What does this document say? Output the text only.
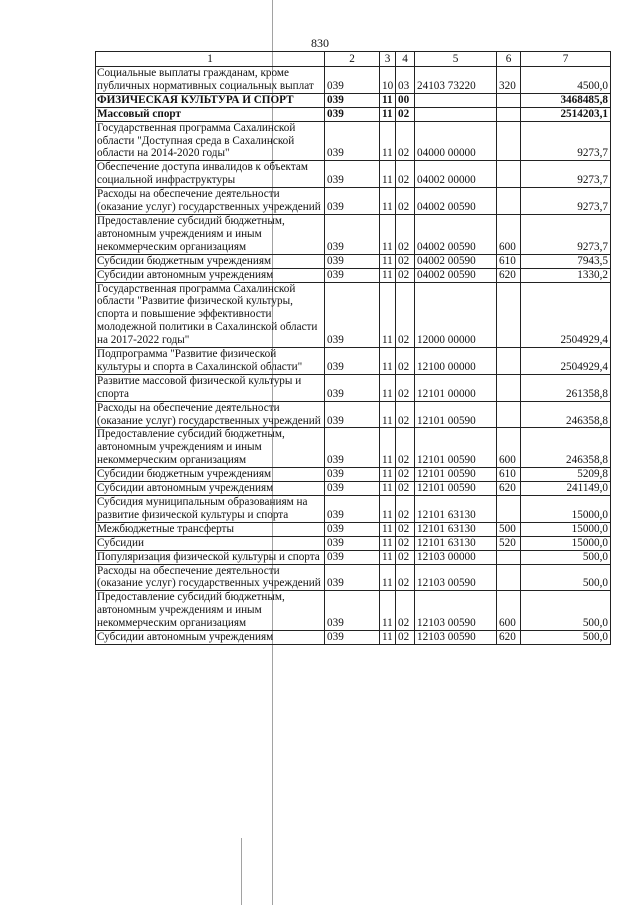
830
1	2	3	4	5	6	7
Социальные выплаты гражданам, кроме публичных нормативных социальных выплат	039	10	03	24103 73220	320	4500,0
ФИЗИЧЕСКАЯ КУЛЬТУРА И СПОРТ	039	11	00			3468485,8
Массовый спорт	039	11	02			2514203,1
Государственная программа Сахалинской области "Доступная среда в Сахалинской области на 2014-2020 годы"	039	11	02	04000 00000		9273,7
Обеспечение доступа инвалидов к объектам социальной инфраструктуры	039	11	02	04002 00000		9273,7
Расходы на обеспечение деятельности (оказание услуг) государственных учреждений	039	11	02	04002 00590		9273,7
Предоставление субсидий бюджетным, автономным учреждениям и иным некоммерческим организациям	039	11	02	04002 00590	600	9273,7
Субсидии бюджетным учреждениям	039	11	02	04002 00590	610	7943,5
Субсидии автономным учреждениям	039	11	02	04002 00590	620	1330,2
Государственная программа Сахалинской области "Развитие физической культуры, спорта и повышение эффективности молодежной политики в Сахалинской области на 2017-2022 годы"	039	11	02	12000 00000		2504929,4
Подпрограмма "Развитие физической культуры и спорта в Сахалинской области"	039	11	02	12100 00000		2504929,4
Развитие массовой физической культуры и спорта	039	11	02	12101 00000		261358,8
Расходы на обеспечение деятельности (оказание услуг) государственных учреждений	039	11	02	12101 00590		246358,8
Предоставление субсидий бюджетным, автономным учреждениям и иным некоммерческим организациям	039	11	02	12101 00590	600	246358,8
Субсидии бюджетным учреждениям	039	11	02	12101 00590	610	5209,8
Субсидии автономным учреждениям	039	11	02	12101 00590	620	241149,0
Субсидия муниципальным образованиям на развитие физической культуры и спорта	039	11	02	12101 63130		15000,0
Межбюджетные трансферты	039	11	02	12101 63130	500	15000,0
Субсидии	039	11	02	12101 63130	520	15000,0
Популяризация физической культуры и спорта	039	11	02	12103 00000		500,0
Расходы на обеспечение деятельности (оказание услуг) государственных учреждений	039	11	02	12103 00590		500,0
Предоставление субсидий бюджетным, автономным учреждениям и иным некоммерческим организациям	039	11	02	12103 00590	600	500,0
Субсидии автономным учреждениям	039	11	02	12103 00590	620	500,0
